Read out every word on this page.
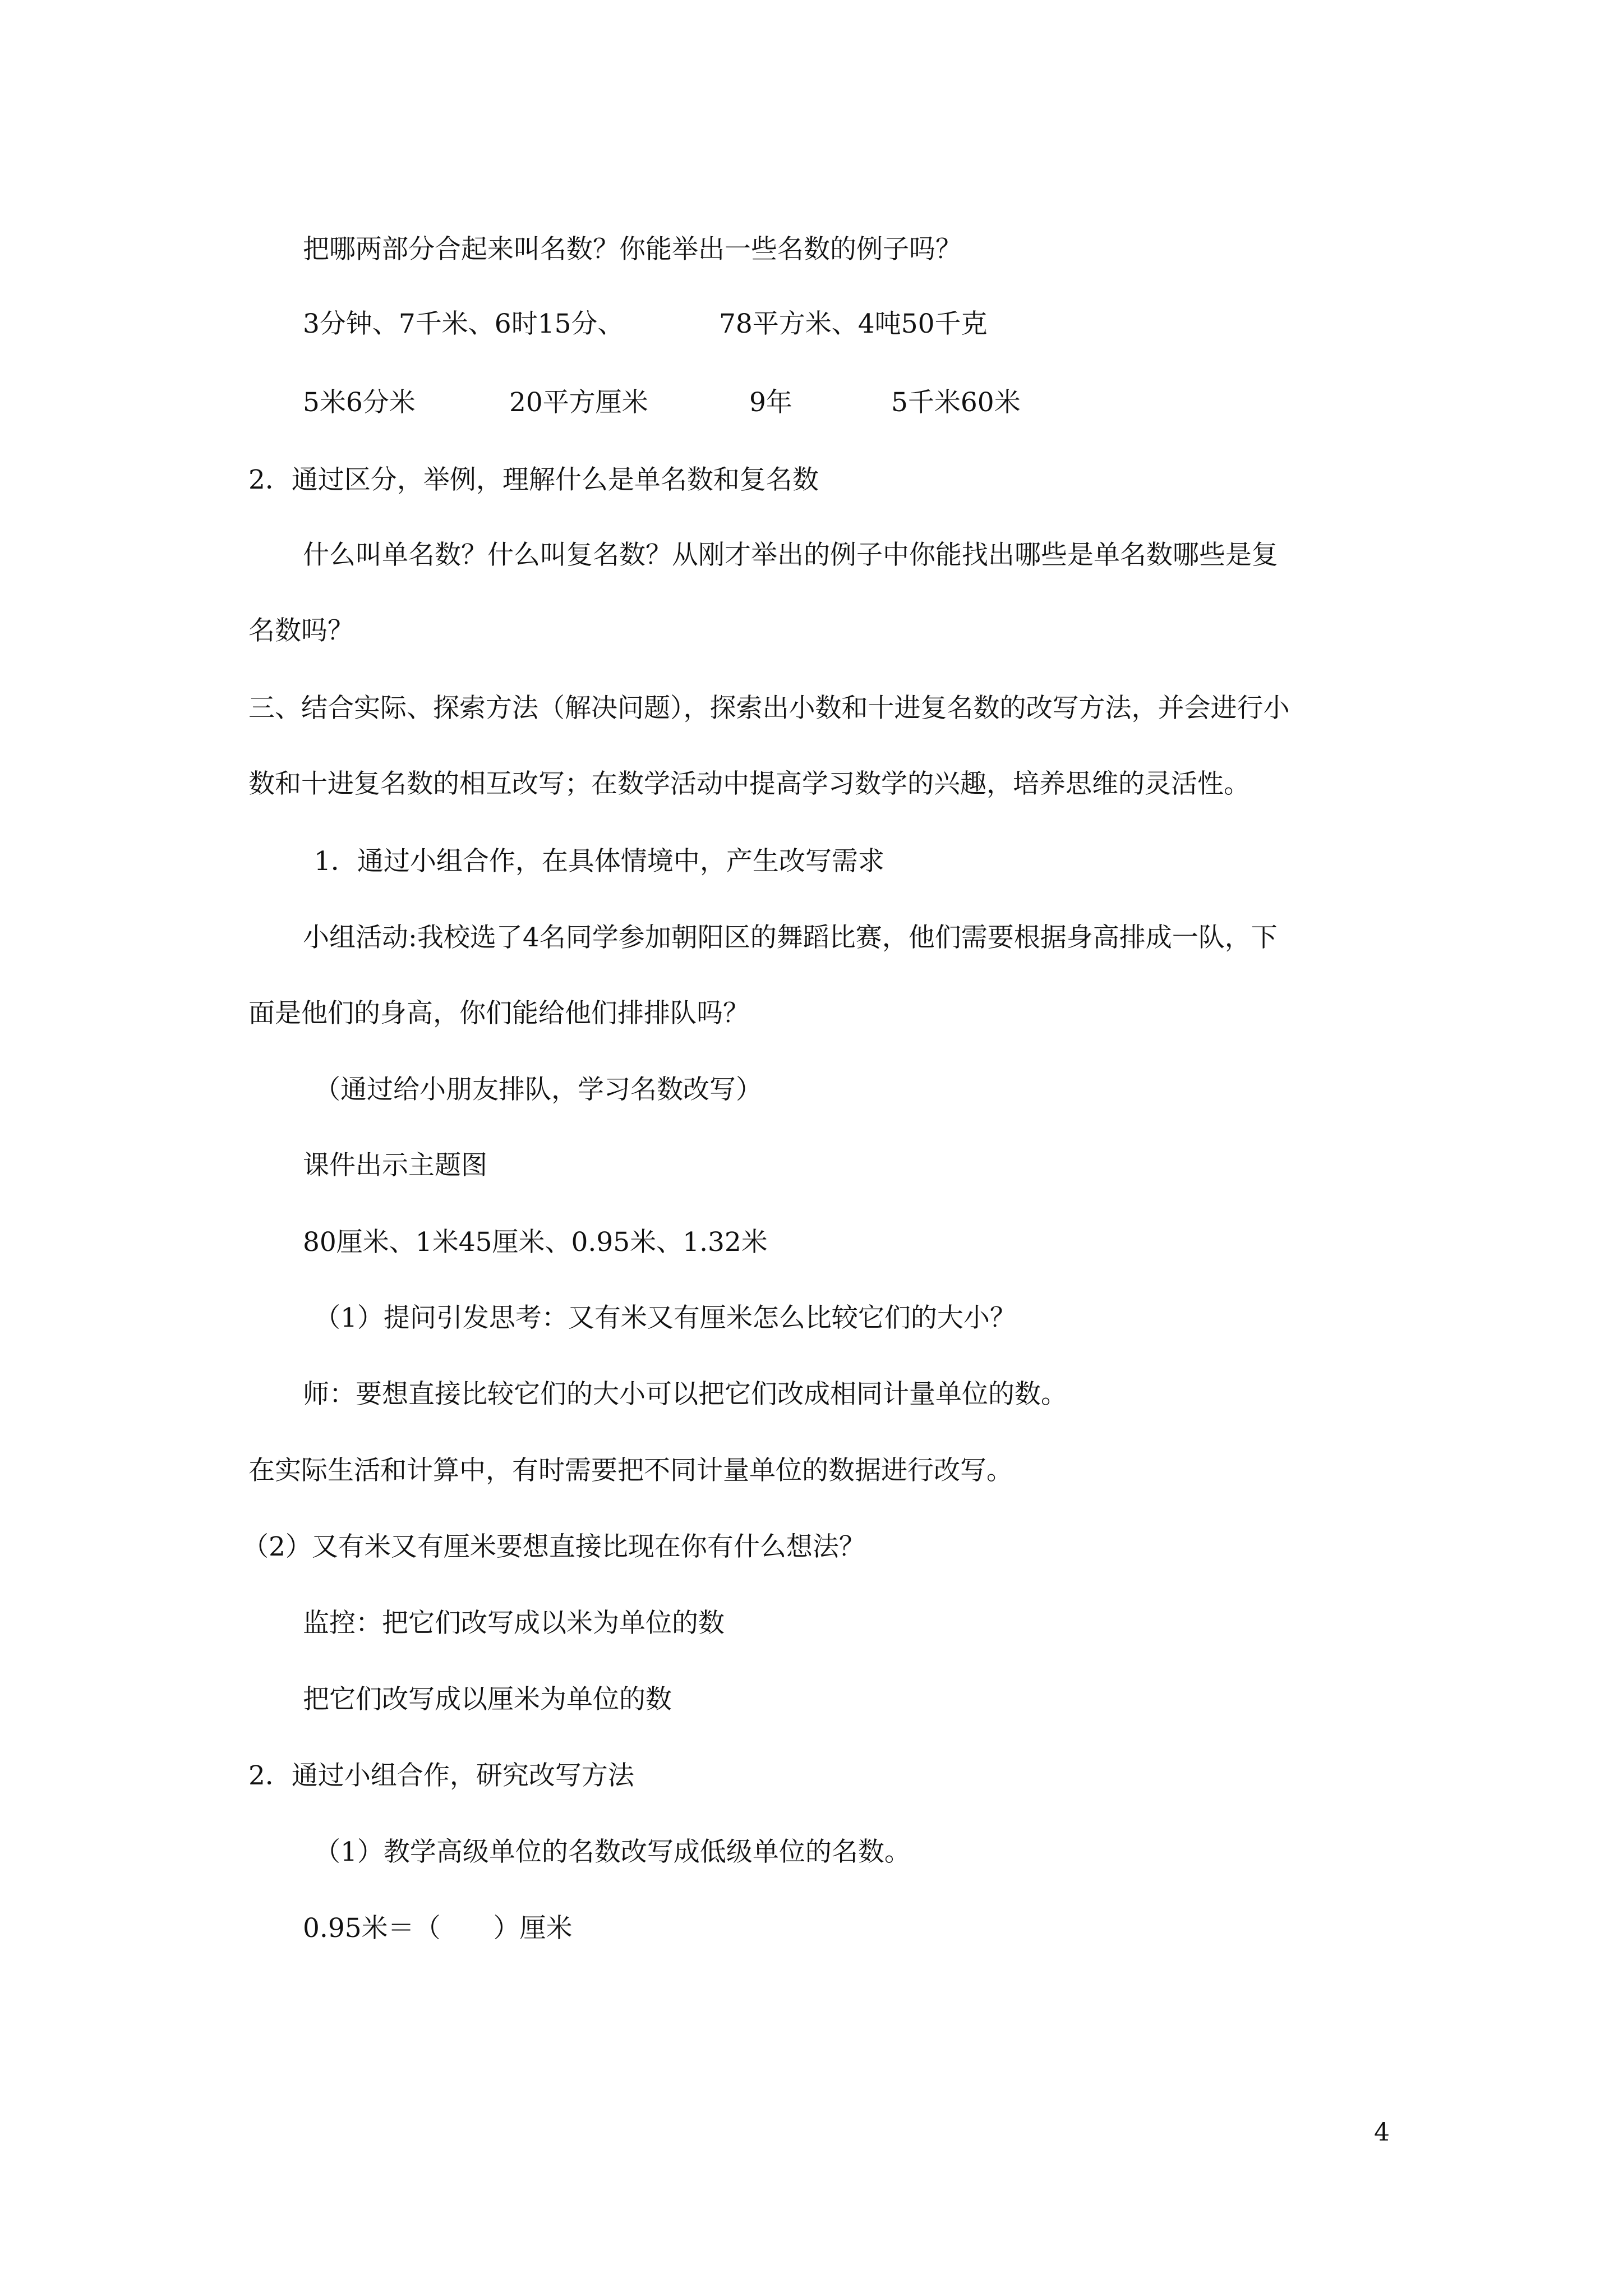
把哪两部分合起来叫名数？你能举出一些名数的例子吗？

3分钟、7千米、6时15分、	78平方米、4吨50千克
5米6分米	20平方厘米	9年	5千米60米

2．通过区分，举例，理解什么是单名数和复名数

什么叫单名数？什么叫复名数？从刚才举出的例子中你能找出哪些是单名数哪些是复

名数吗？

三、结合实际、探索方法（解决问题），探索出小数和十进复名数的改写方法，并会进行小

数和十进复名数的相互改写；在数学活动中提高学习数学的兴趣，培养思维的灵活性。

1．通过小组合作，在具体情境中，产生改写需求

小组活动:我校选了4名同学参加朝阳区的舞蹈比赛，他们需要根据身高排成一队，下

面是他们的身高，你们能给他们排排队吗？

（通过给小朋友排队，学习名数改写）

课件出示主题图

80厘米、1米45厘米、0.95米、1.32米

（1）提问引发思考：又有米又有厘米怎么比较它们的大小？

师：要想直接比较它们的大小可以把它们改成相同计量单位的数。

在实际生活和计算中，有时需要把不同计量单位的数据进行改写。

（2）又有米又有厘米要想直接比现在你有什么想法？

监控：把它们改写成以米为单位的数

把它们改写成以厘米为单位的数

2．通过小组合作，研究改写方法

（1）教学高级单位的名数改写成低级单位的名数。

0.95米＝（　　）厘米

4
